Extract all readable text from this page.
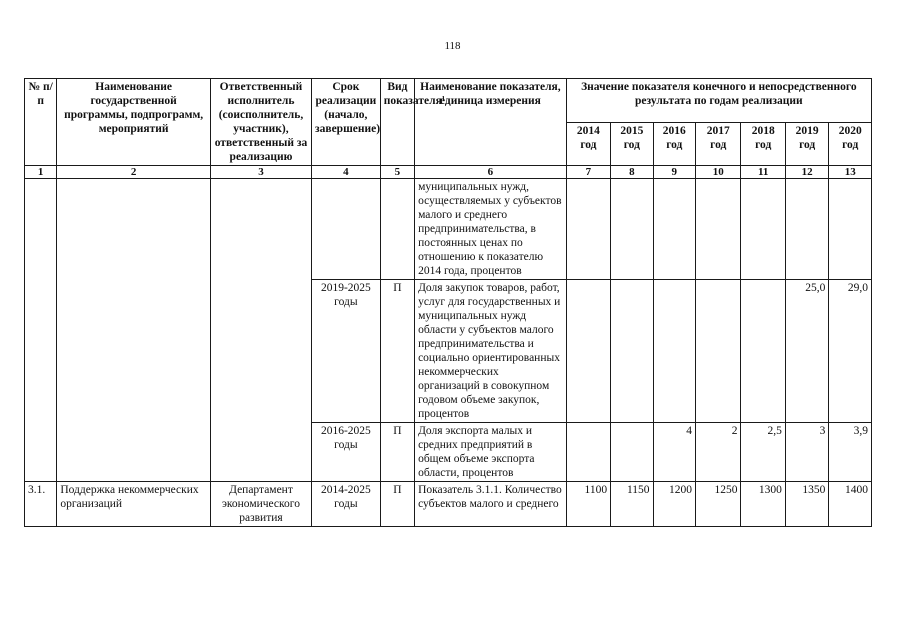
118
№ п/п	Наименование государственной программы, подпрограмм, мероприятий	Ответственный исполнитель (соисполнитель, участник), ответственный за реализацию	Срок реализации (начало, завершение)	Вид показателя¹	Наименование показателя, единица измерения	Значение показателя конечного и непосредственного результата по годам реализации						
						2014 год	2015 год	2016 год	2017 год	2018 год	2019 год	2020 год
1	2	3	4	5	6	7	8	9	10	11	12	13
					муниципальных нужд, осуществляемых у субъектов малого и среднего предпринимательства, в постоянных ценах по отношению к показателю 2014 года, процентов							
			2019-2025 годы	П	Доля закупок товаров, работ, услуг для государственных и муниципальных нужд области у субъектов малого предпринимательства и социально ориентированных некоммерческих организаций в совокупном годовом объеме закупок, процентов						25,0	29,0
			2016-2025 годы	П	Доля экспорта малых и средних предприятий в общем объеме экспорта области, процентов			4	2	2,5	3	3,9
3.1.	Поддержка некоммерческих организаций	Департамент экономического развития	2014-2025 годы	П	Показатель 3.1.1. Количество субъектов малого и среднего	1100	1150	1200	1250	1300	1350	1400
